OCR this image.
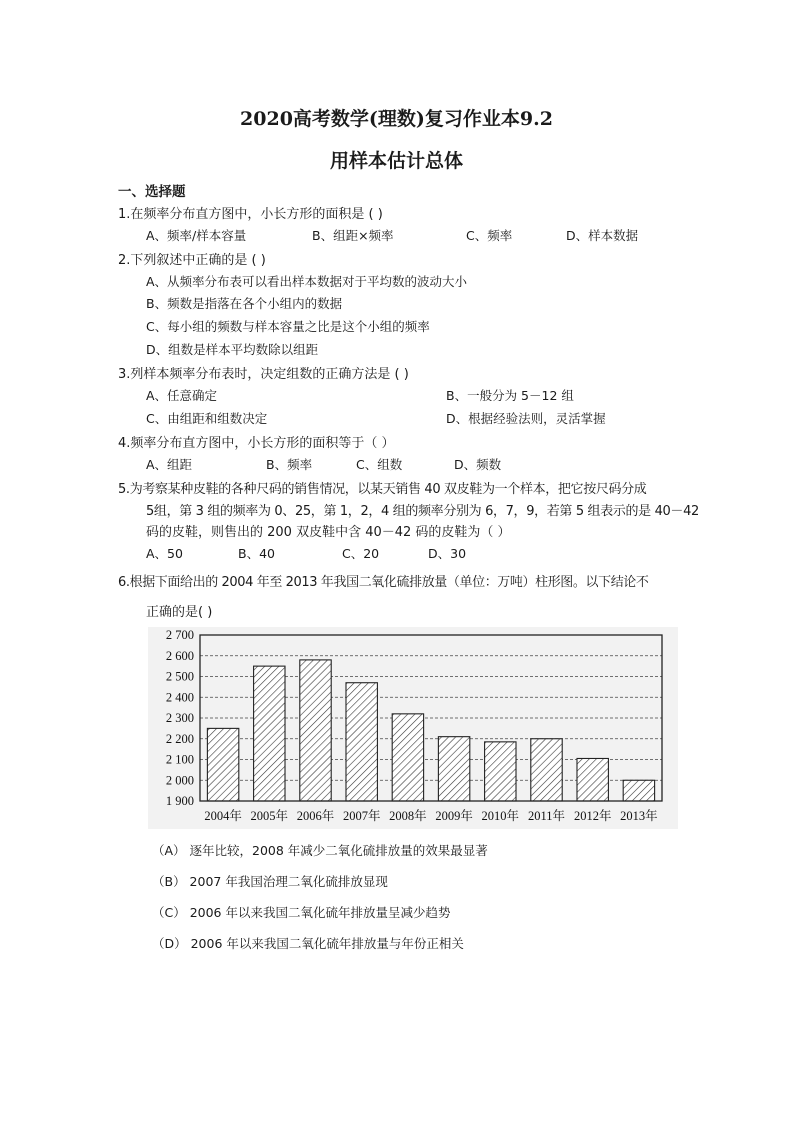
2020高考数学(理数)复习作业本9.2
用样本估计总体
一、选择题
1.在频率分布直方图中，小长方形的面积是 ( )
A、频率/样本容量	B、组距×频率	C、频率	D、样本数据
2.下列叙述中正确的是 ( )
A、从频率分布表可以看出样本数据对于平均数的波动大小
B、频数是指落在各个小组内的数据
C、每小组的频数与样本容量之比是这个小组的频率
D、组数是样本平均数除以组距
3.列样本频率分布表时，决定组数的正确方法是 ( )
A、任意确定	B、一般分为 5－12 组
C、由组距和组数决定	D、根据经验法则，灵活掌握
4.频率分布直方图中，小长方形的面积等于（ ）
A、组距	B、频率	C、组数	D、频数
5.为考察某种皮鞋的各种尺码的销售情况，以某天销售 40 双皮鞋为一个样本，把它按尺码分成
5组，第 3 组的频率为 0、25，第 1，2，4 组的频率分别为 6，7，9，若第 5 组表示的是 40－42
码的皮鞋，则售出的 200 双皮鞋中含 40－42 码的皮鞋为（ ）
A、50	B、40	C、20	D、30
6.根据下面给出的 2004 年至 2013 年我国二氧化硫排放量（单位：万吨）柱形图。以下结论不
正确的是( )
1 900
2 000
2 100
2 200
2 300
2 400
2 500
2 600
2 700
2004年 2005年 2006年 2007年 2008年 2009年 2010年 2011年 2012年 2013年
（A） 逐年比较，2008 年减少二氧化硫排放量的效果最显著
（B） 2007 年我国治理二氧化硫排放显现
（C） 2006 年以来我国二氧化硫年排放量呈减少趋势
（D） 2006 年以来我国二氧化硫年排放量与年份正相关
